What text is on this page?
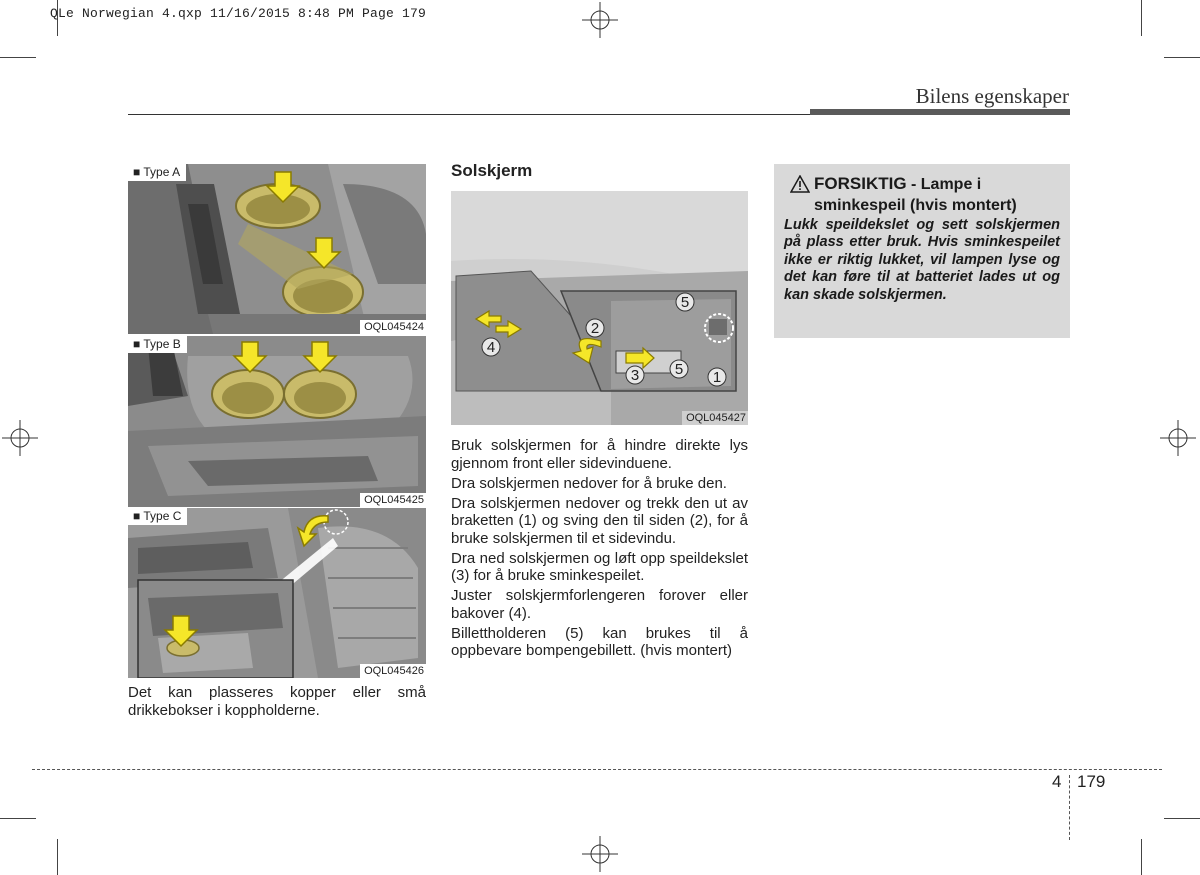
QLe Norwegian 4.qxp 11/16/2015 8:48 PM Page 179
Bilens egenskaper
■ Type A
OQL045424
■ Type B
OQL045425
■ Type C
OQL045426

Det kan plasseres kopper eller små drikkebokser i koppholderne.

Solskjerm
1
2
3
4
5
5
OQL045427

Bruk solskjermen for å hindre direkte lys gjennom front eller sidevinduene.

Dra solskjermen nedover for å bruke den.

Dra solskjermen nedover og trekk den ut av braketten (1) og sving den til siden (2), for å bruke solskjermen til et sidevindu.

Dra ned solskjermen og løft opp speildekslet (3) for å bruke sminkespeilet.

Juster solskjermforlengeren forover eller bakover (4).

Billettholderen (5) kan brukes til å oppbevare bompengebillett. (hvis montert)

FORSIKTIG - Lampe i sminkespeil (hvis montert)
Lukk speildekslet og sett solskjermen på plass etter bruk. Hvis sminkespeilet ikke er riktig lukket, vil lampen lyse og det kan føre til at batteriet lades ut og kan skade solskjermen.
4 179
